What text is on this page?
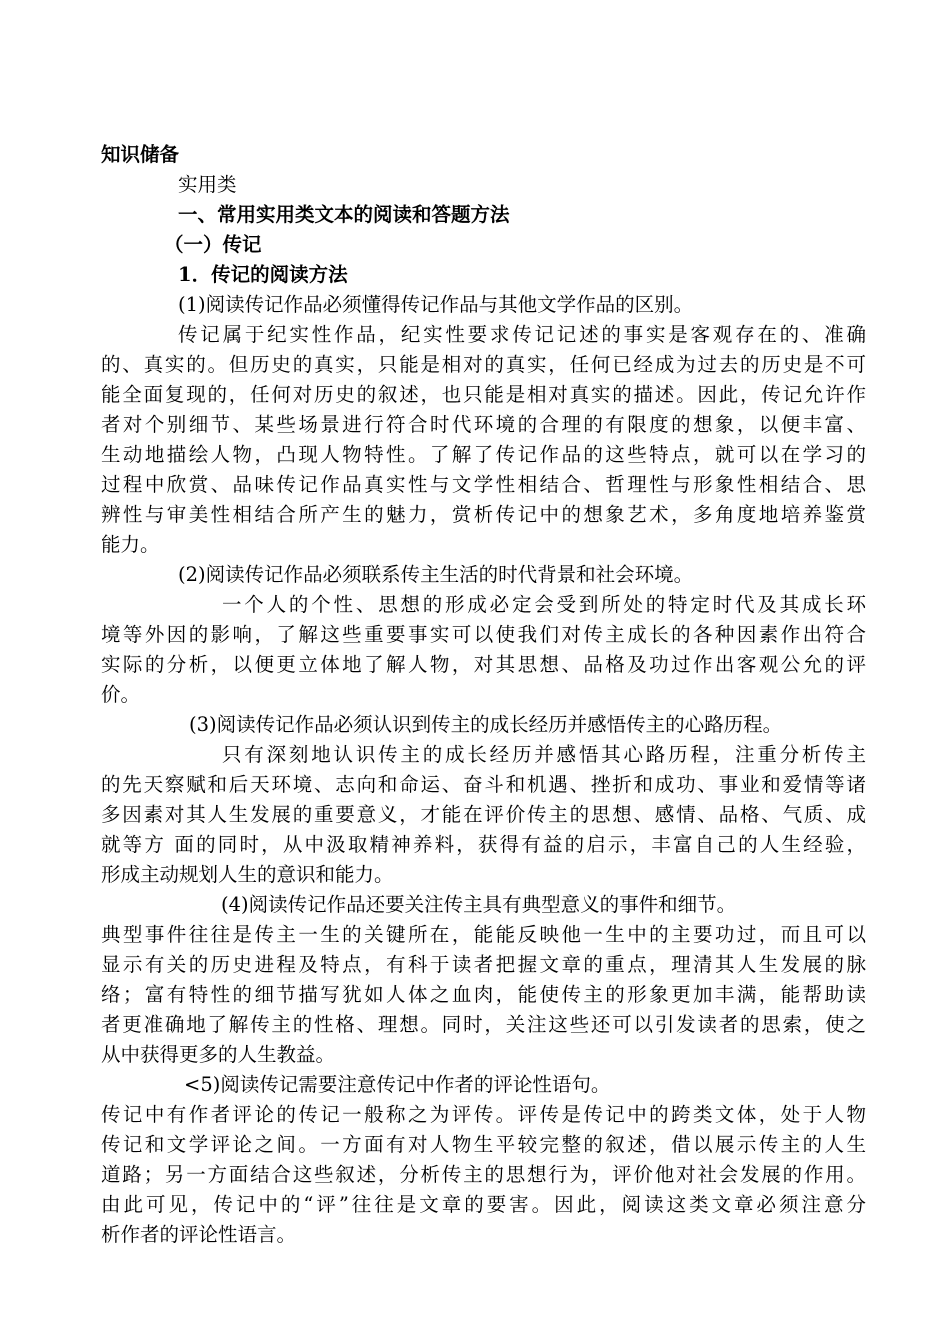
知识储备
实用类
一、常用实用类文本的阅读和答题方法
（一）传记
1．传记的阅读方法
(1)阅读传记作品必须懂得传记作品与其他文学作品的区别。
传记属于纪实性作品，纪实性要求传记记述的事实是客观存在的、准确
的、真实的。但历史的真实，只能是相对的真实，任何已经成为过去的历史是不可
能全面复现的，任何对历史的叙述，也只能是相对真实的描述。因此，传记允许作
者对个别细节、某些场景进行符合时代环境的合理的有限度的想象，以便丰富、
生动地描绘人物，凸现人物特性。了解了传记作品的这些特点，就可以在学习的
过程中欣赏、品味传记作品真实性与文学性相结合、哲理性与形象性相结合、思
辨性与审美性相结合所产生的魅力，赏析传记中的想象艺术，多角度地培养鉴赏
能力。
(2)阅读传记作品必须联系传主生活的时代背景和社会环境。
一个人的个性、思想的形成必定会受到所处的特定时代及其成长环
境等外因的影响，了解这些重要事实可以使我们对传主成长的各种因素作出符合
实际的分析，以便更立体地了解人物，对其思想、品格及功过作出客观公允的评
价。
(3)阅读传记作品必须认识到传主的成长经历并感悟传主的心路历程。
只有深刻地认识传主的成长经历并感悟其心路历程，注重分析传主
的先天察赋和后天环境、志向和命运、奋斗和机遇、挫折和成功、事业和爱情等诸
多因素对其人生发展的重要意义，才能在评价传主的思想、感情、品格、气质、成
就等方 面的同时，从中汲取精神养料，获得有益的启示，丰富自己的人生经验，
形成主动规划人生的意识和能力。
(4)阅读传记作品还要关注传主具有典型意义的事件和细节。
典型事件往往是传主一生的关键所在，能能反映他一生中的主要功过，而且可以
显示有关的历史进程及特点，有科于读者把握文章的重点，理清其人生发展的脉
络；富有特性的细节描写犹如人体之血肉，能使传主的形象更加丰满，能帮助读
者更准确地了解传主的性格、理想。同时，关注这些还可以引发读者的思索，使之
从中获得更多的人生教益。
<5)阅读传记需要注意传记中作者的评论性语句。
传记中有作者评论的传记一般称之为评传。评传是传记中的跨类文体，处于人物
传记和文学评论之间。一方面有对人物生平较完整的叙述，借以展示传主的人生
道路；另一方面结合这些叙述，分析传主的思想行为，评价他对社会发展的作用。
由此可见，传记中的“评”往往是文章的要害。因此，阅读这类文章必须注意分
析作者的评论性语言。
